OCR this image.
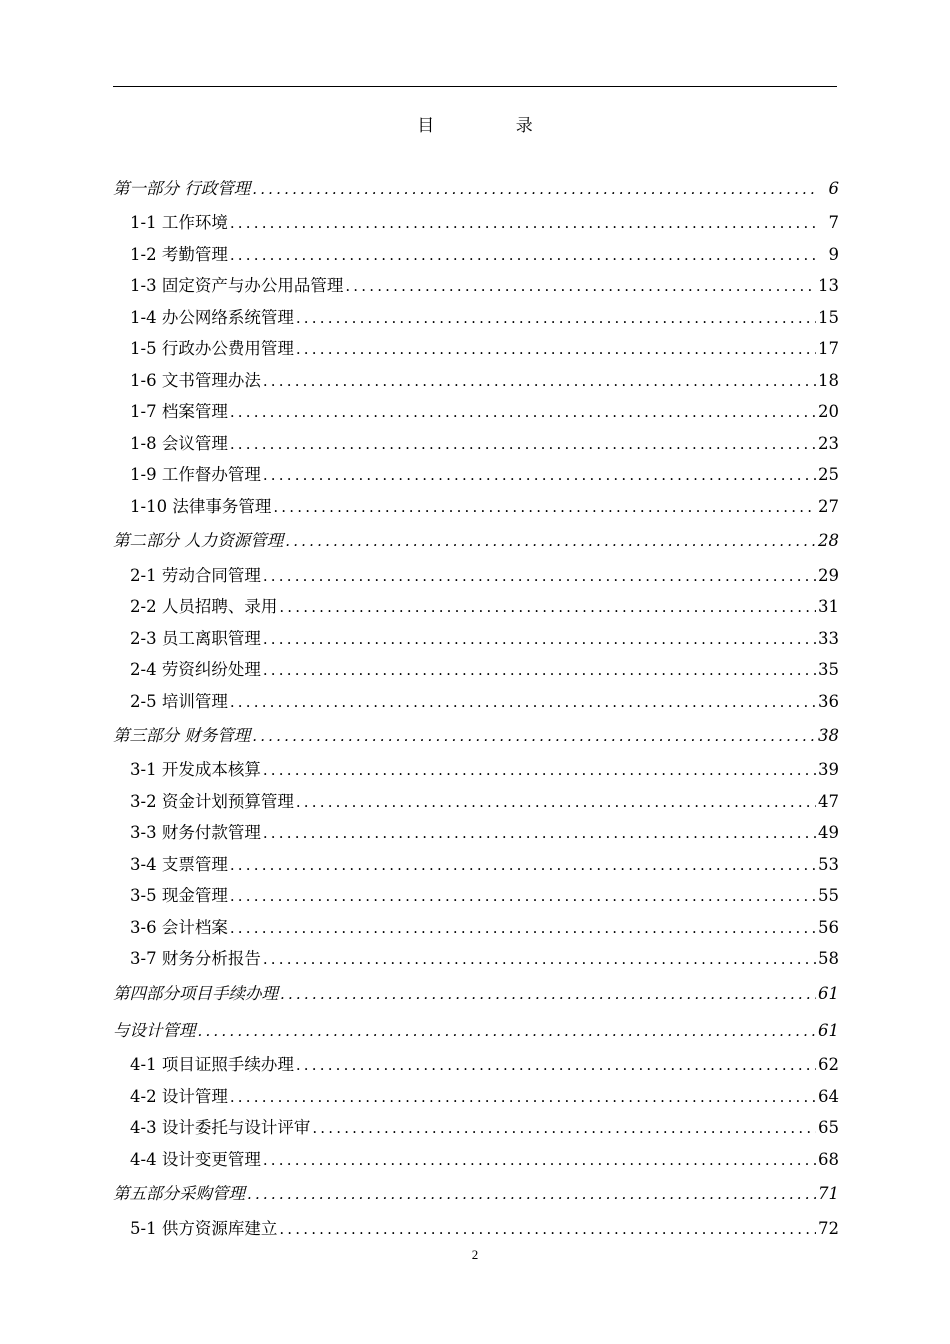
目 录
第一部分 行政管理 .....	6
1-1 工作环境 .....	7
1-2 考勤管理 .....	9
1-3 固定资产与办公用品管理 .....	13
1-4 办公网络系统管理 .....	15
1-5 行政办公费用管理 .....	17
1-6 文书管理办法 .....	18
1-7 档案管理 .....	20
1-8 会议管理 .....	23
1-9 工作督办管理 .....	25
1-10 法律事务管理 .....	27
第二部分 人力资源管理 .....	28
2-1 劳动合同管理 .....	29
2-2 人员招聘、录用 .....	31
2-3 员工离职管理 .....	33
2-4 劳资纠纷处理 .....	35
2-5 培训管理 .....	36
第三部分 财务管理 .....	38
3-1 开发成本核算 .....	39
3-2 资金计划预算管理 .....	47
3-3 财务付款管理 .....	49
3-4 支票管理 .....	53
3-5 现金管理 .....	55
3-6 会计档案 .....	56
3-7 财务分析报告 .....	58
第四部分项目手续办理 .....	61
与设计管理 .....	61
4-1 项目证照手续办理 .....	62
4-2 设计管理 .....	64
4-3 设计委托与设计评审 .....	65
4-4 设计变更管理 .....	68
第五部分采购管理 .....	71
5-1 供方资源库建立 .....	72
2
